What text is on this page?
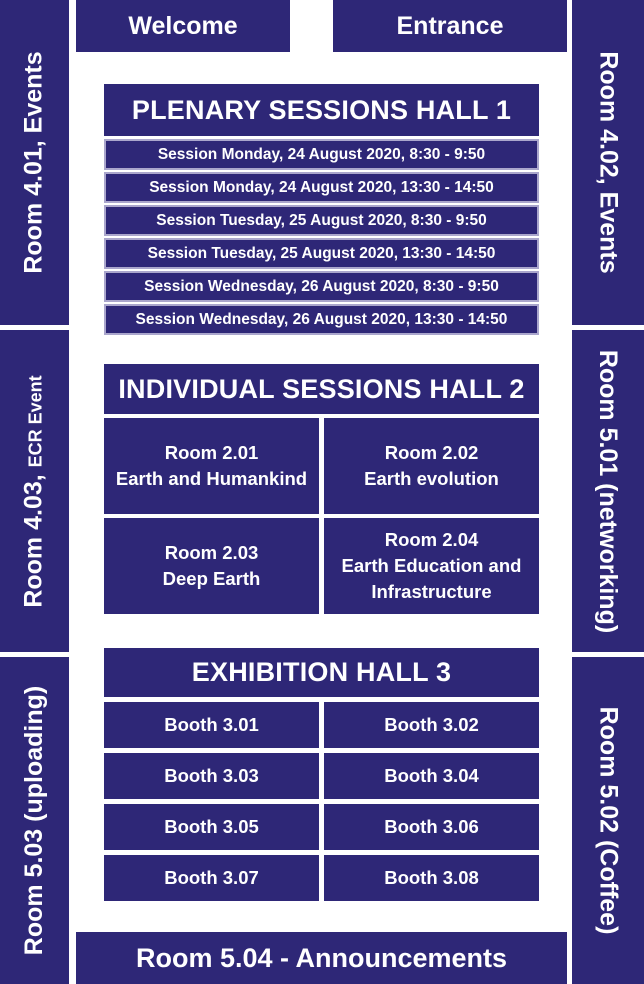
Welcome	Entrance
Room 4.01, Events
Room 4.03, ECR Event
Room 5.03 (uploading)
Room 4.02, Events
Room 5.01 (networking)
Room 5.02 (Coffee)
PLENARY SESSIONS HALL 1
Session Monday, 24 August 2020, 8:30 - 9:50
Session Monday, 24 August 2020, 13:30 - 14:50
Session Tuesday, 25 August 2020, 8:30 - 9:50
Session Tuesday, 25 August 2020, 13:30 - 14:50
Session Wednesday, 26 August 2020, 8:30 - 9:50
Session Wednesday, 26 August 2020, 13:30 - 14:50
INDIVIDUAL SESSIONS HALL 2
Room 2.01
Earth and Humankind
Room 2.02
Earth evolution
Room 2.03
Deep Earth
Room 2.04
Earth Education and
Infrastructure
EXHIBITION HALL 3
Booth 3.01	Booth 3.02
Booth 3.03	Booth 3.04
Booth 3.05	Booth 3.06
Booth 3.07	Booth 3.08
Room 5.04 - Announcements
